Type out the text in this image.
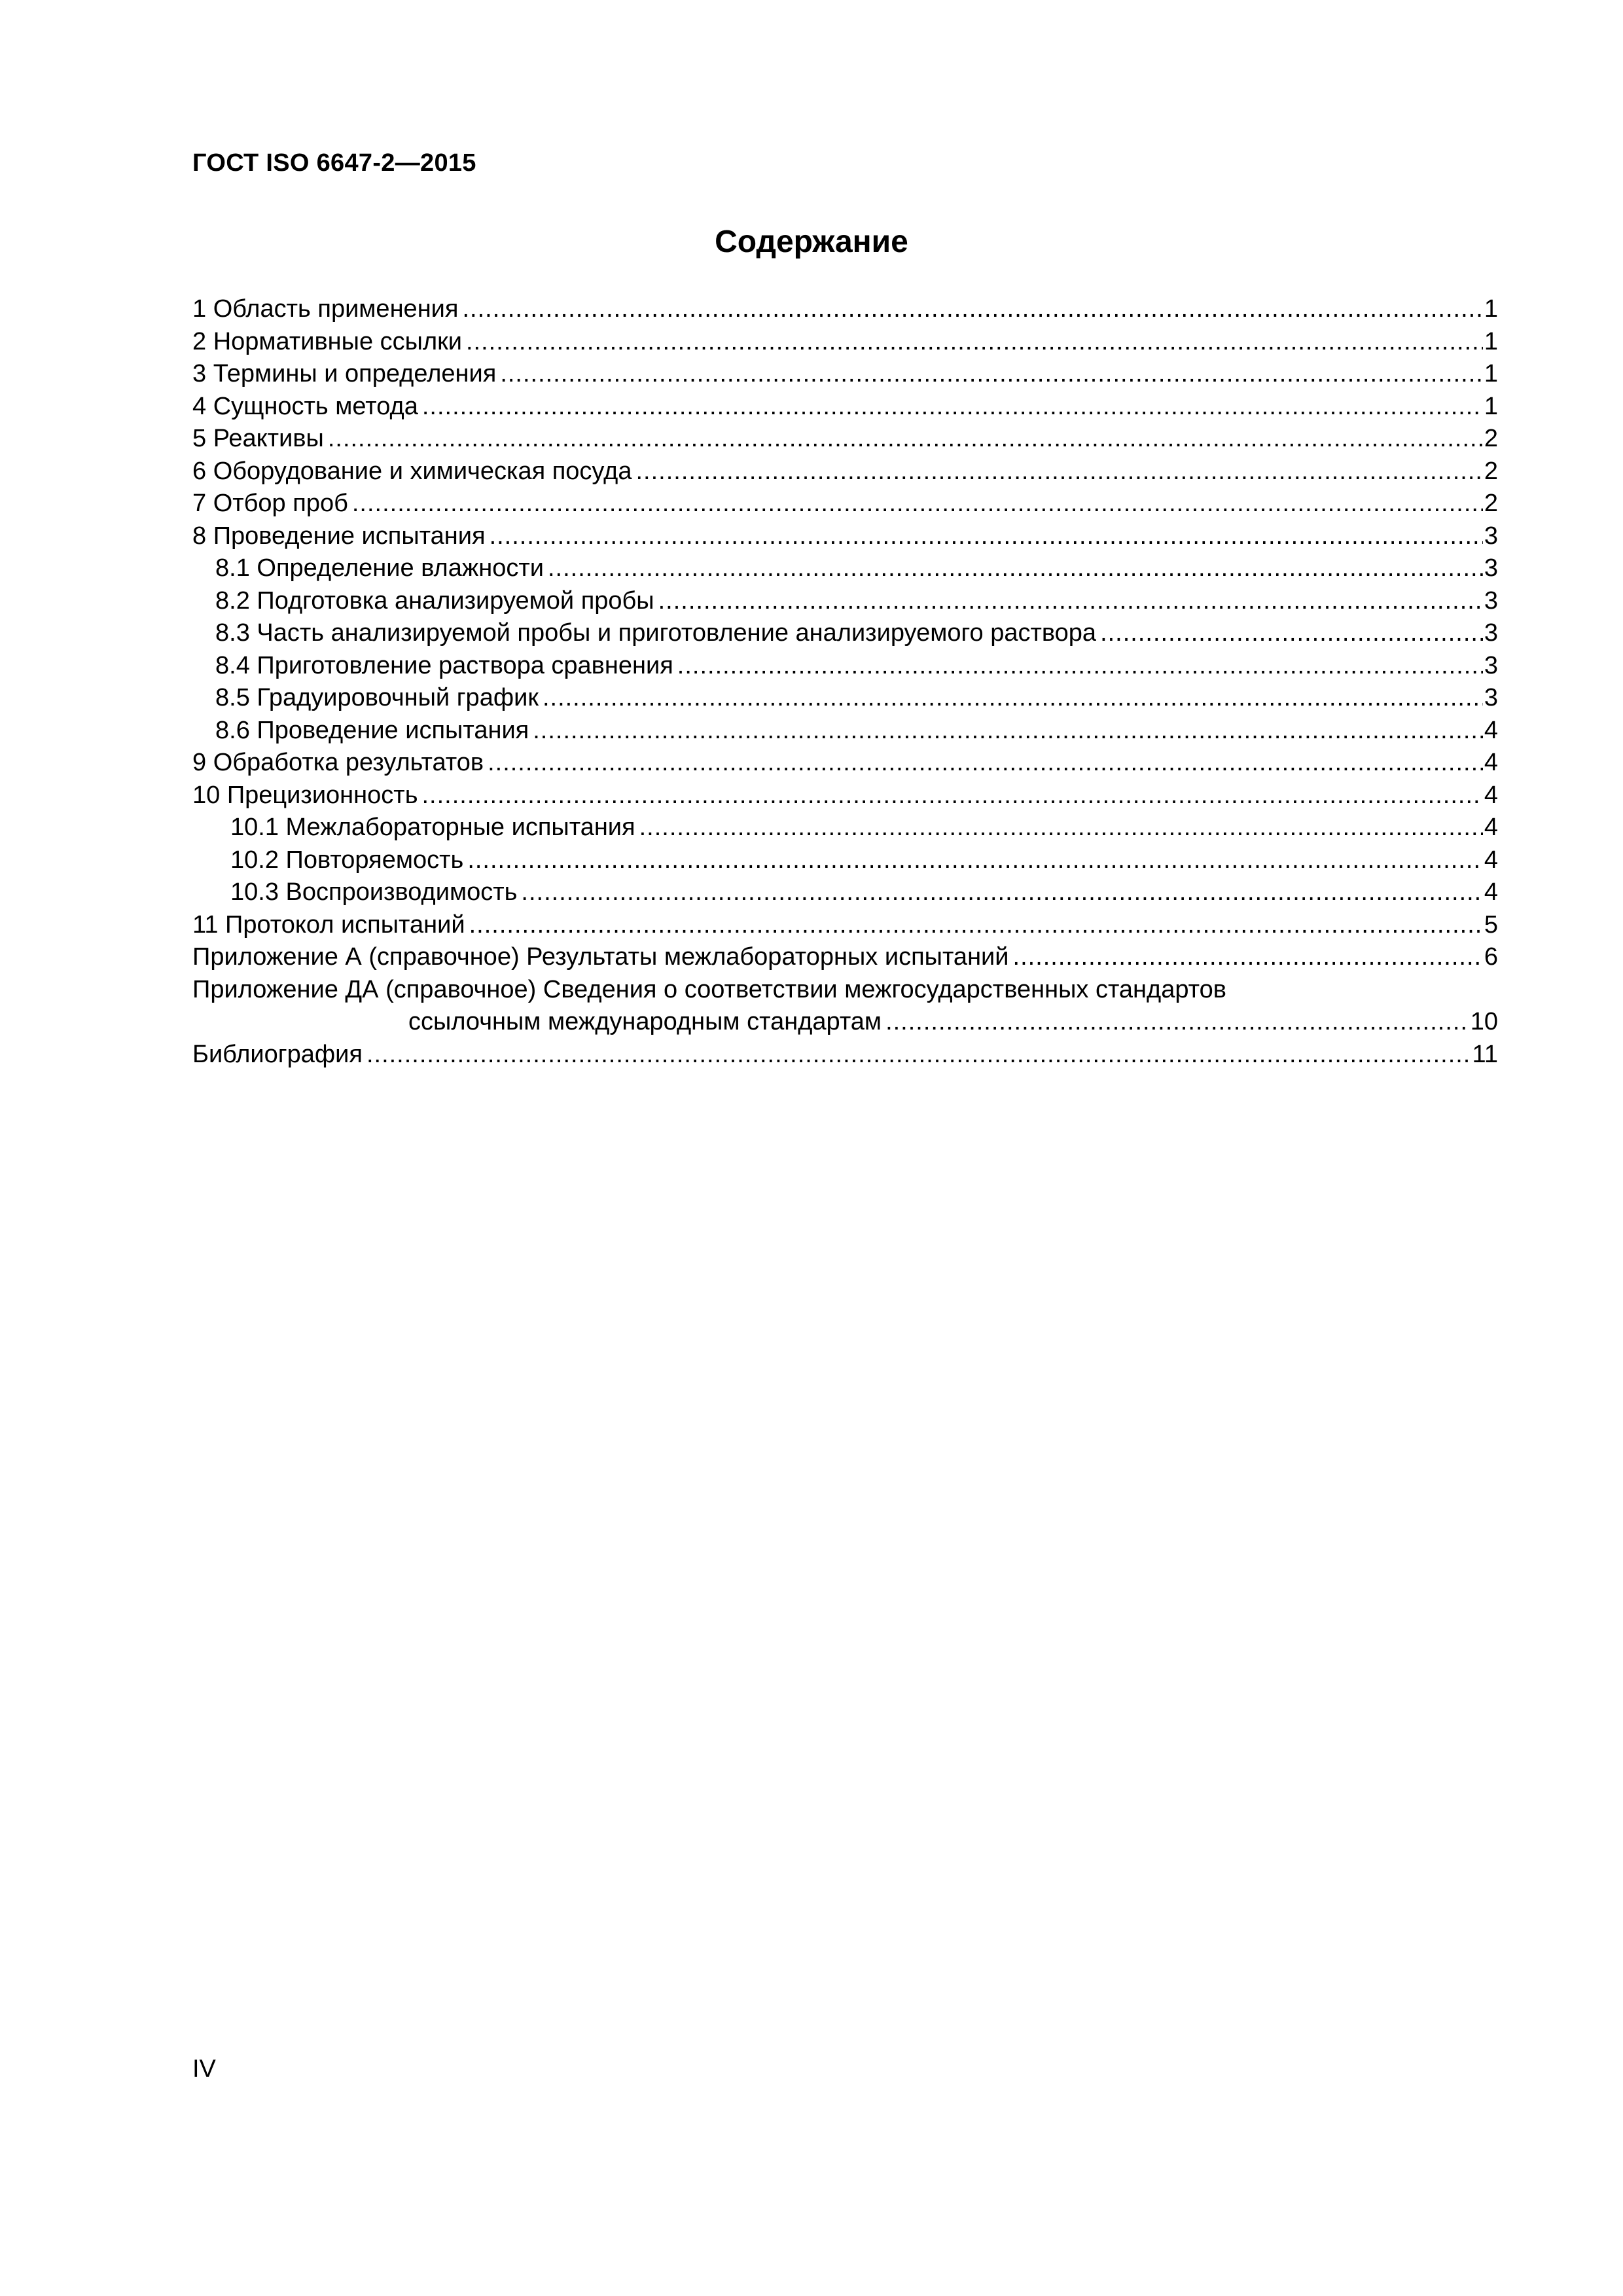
ГОСТ ISO 6647-2—2015
Содержание
1 Область применения .....	1
2 Нормативные ссылки .....	1
3 Термины и определения .....	1
4 Сущность метода .....	1
5 Реактивы .....	2
6 Оборудование и химическая посуда .....	2
7 Отбор проб .....	2
8 Проведение испытания .....	3
8.1 Определение влажности .....	3
8.2 Подготовка анализируемой пробы .....	3
8.3 Часть анализируемой пробы и приготовление анализируемого раствора .....	3
8.4 Приготовление раствора сравнения .....	3
8.5 Градуировочный график .....	3
8.6 Проведение испытания .....	4
9 Обработка результатов .....	4
10 Прецизионность .....	4
10.1 Межлабораторные испытания .....	4
10.2 Повторяемость .....	4
10.3 Воспроизводимость .....	4
11 Протокол испытаний .....	5
Приложение А (справочное) Результаты межлабораторных испытаний .....	6
Приложение ДА (справочное) Сведения о соответствии межгосударственных стандартов
ссылочным международным стандартам .....	10
Библиография .....	11
IV
